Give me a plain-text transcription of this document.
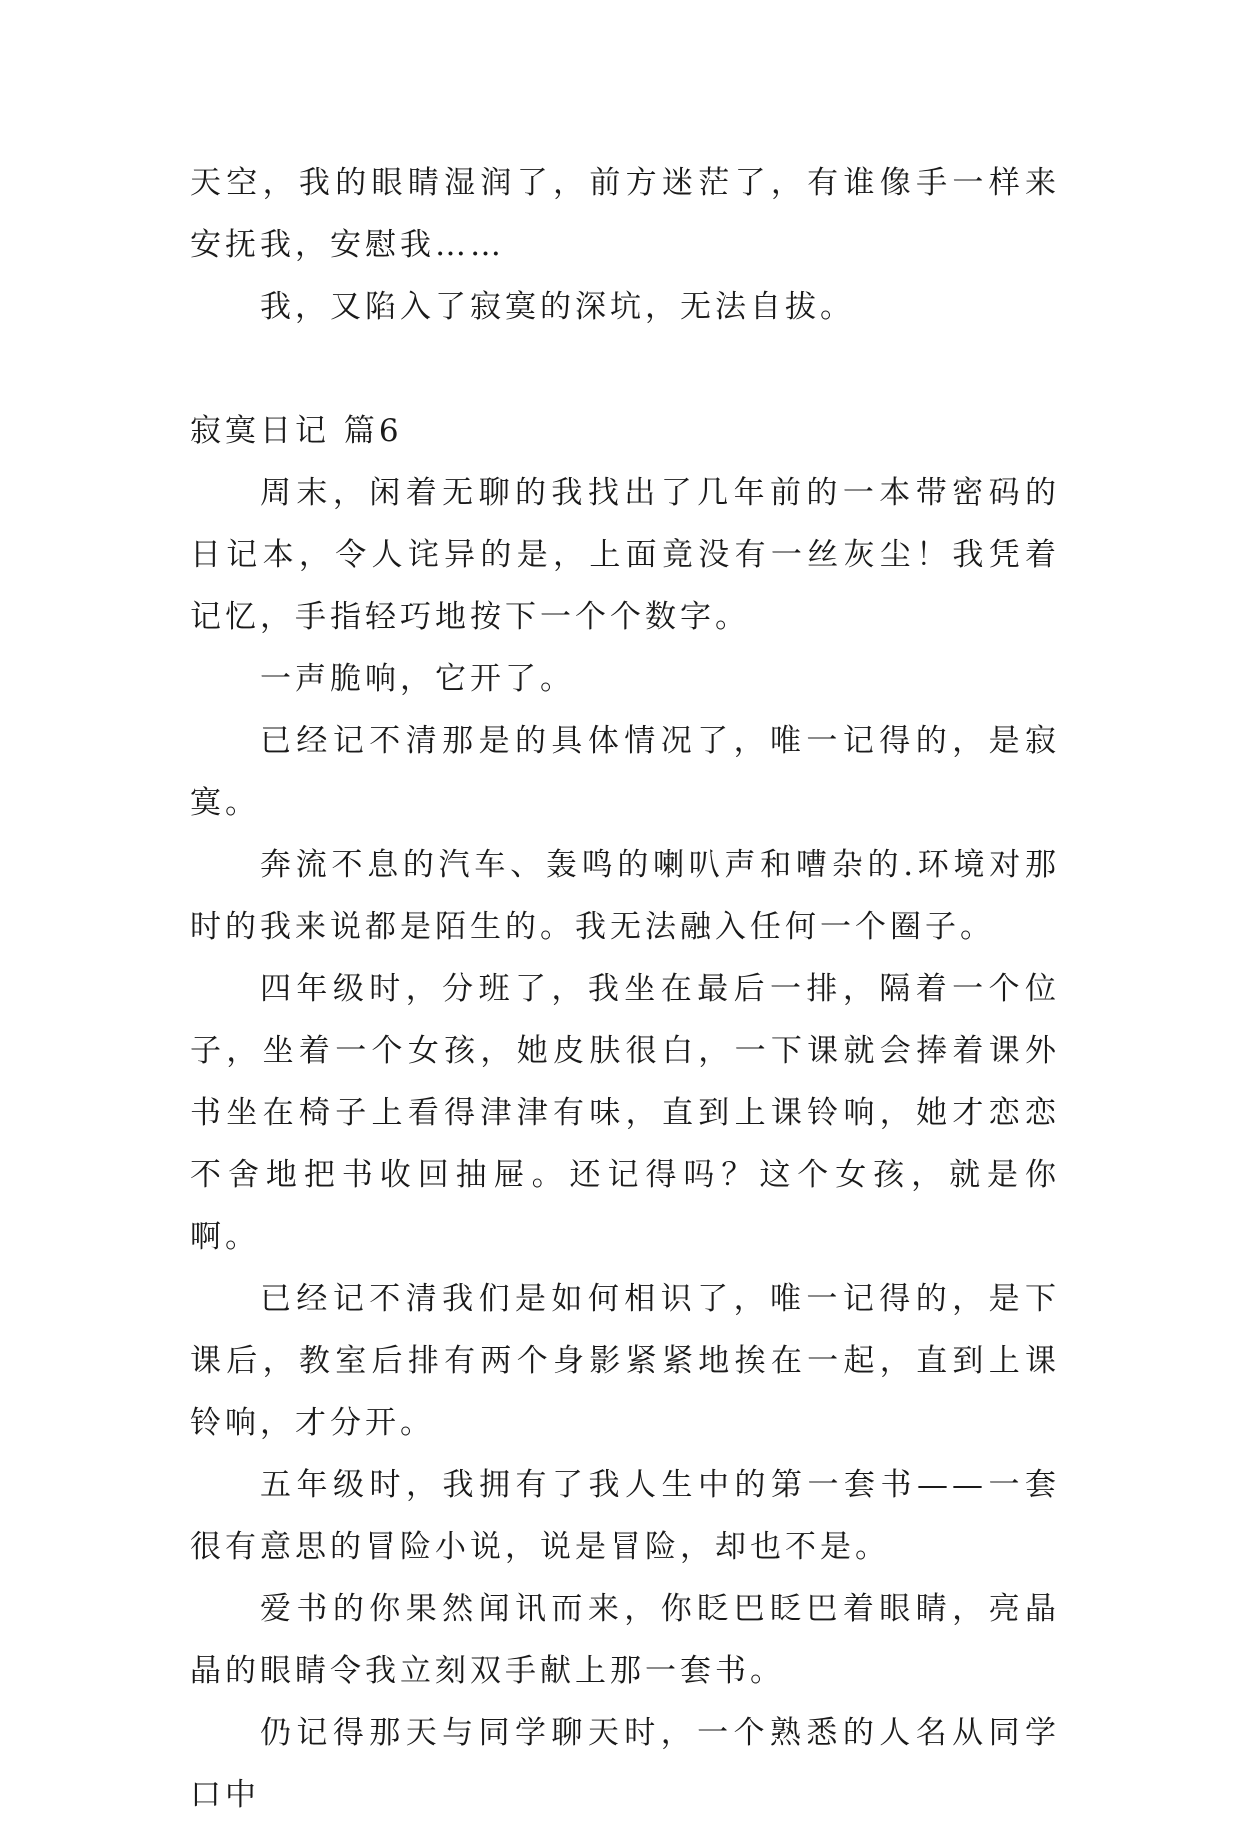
天空，我的眼睛湿润了，前方迷茫了，有谁像手一样来安抚我，安慰我……

我，又陷入了寂寞的深坑，无法自拔。

寂寞日记 篇6

周末，闲着无聊的我找出了几年前的一本带密码的日记本，令人诧异的是，上面竟没有一丝灰尘！我凭着记忆，手指轻巧地按下一个个数字。

一声脆响，它开了。

已经记不清那是的具体情况了，唯一记得的，是寂寞。

奔流不息的汽车、轰鸣的喇叭声和嘈杂的.环境对那时的我来说都是陌生的。我无法融入任何一个圈子。

四年级时，分班了，我坐在最后一排，隔着一个位子，坐着一个女孩，她皮肤很白，一下课就会捧着课外书坐在椅子上看得津津有味，直到上课铃响，她才恋恋不舍地把书收回抽屉。还记得吗？这个女孩，就是你啊。

已经记不清我们是如何相识了，唯一记得的，是下课后，教室后排有两个身影紧紧地挨在一起，直到上课铃响，才分开。

五年级时，我拥有了我人生中的第一套书——一套很有意思的冒险小说，说是冒险，却也不是。

爱书的你果然闻讯而来，你眨巴眨巴着眼睛，亮晶晶的眼睛令我立刻双手献上那一套书。

仍记得那天与同学聊天时，一个熟悉的人名从同学口中
